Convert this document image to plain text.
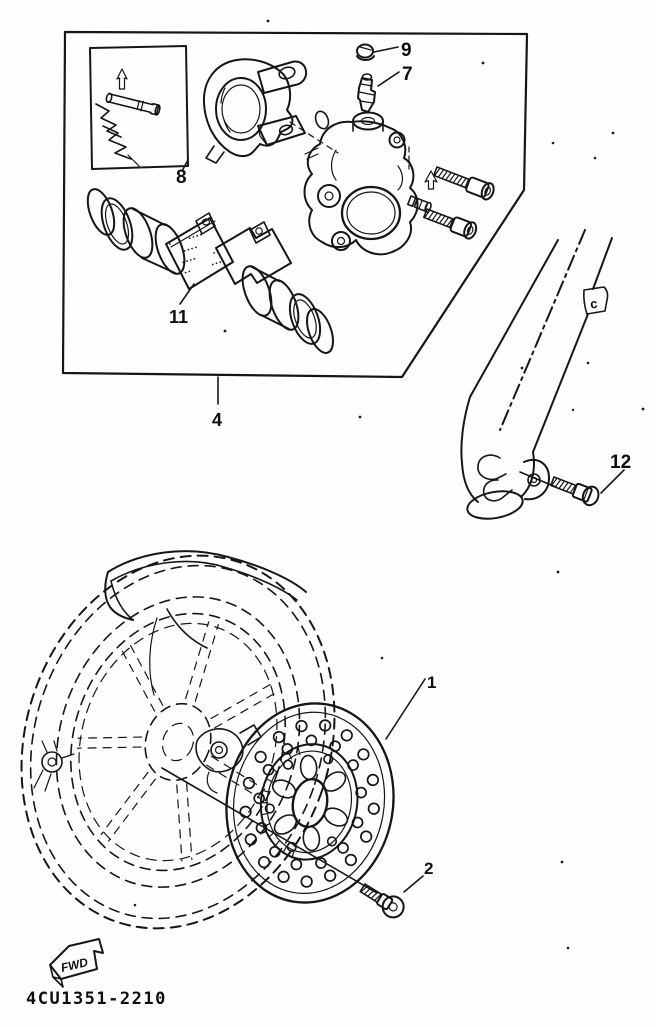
c
9
7
8
11
4
12
1
2
FWD
4CU1351-2210
